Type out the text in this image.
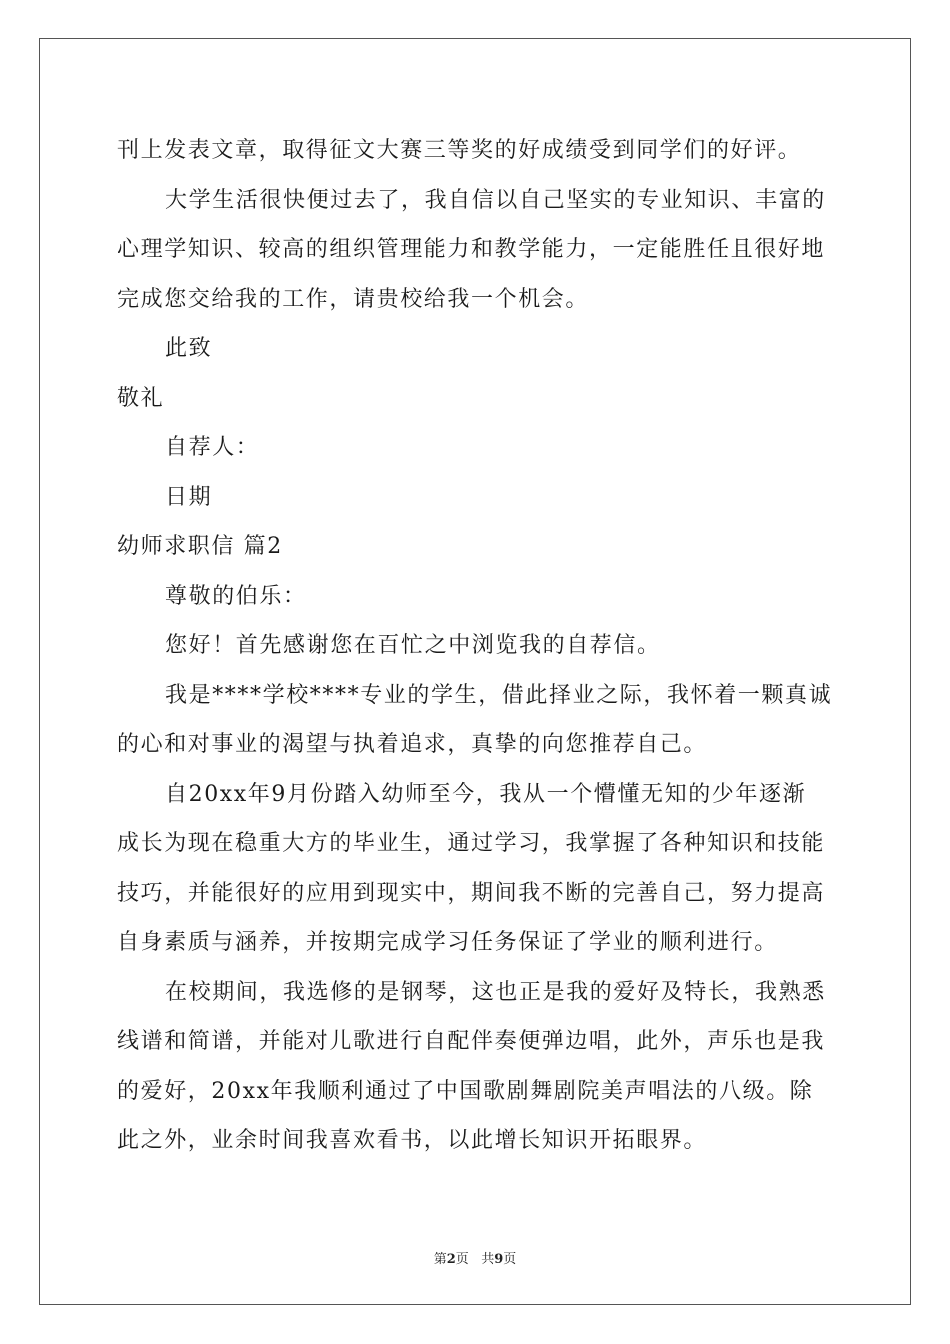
刊上发表文章，取得征文大赛三等奖的好成绩受到同学们的好评。
大学生活很快便过去了，我自信以自己坚实的专业知识、丰富的
心理学知识、较高的组织管理能力和教学能力，一定能胜任且很好地
完成您交给我的工作，请贵校给我一个机会。
此致
敬礼
自荐人：
日期
幼师求职信 篇2
尊敬的伯乐：
您好！首先感谢您在百忙之中浏览我的自荐信。
我是****学校****专业的学生，借此择业之际，我怀着一颗真诚
的心和对事业的渴望与执着追求，真挚的向您推荐自己。
自20xx年9月份踏入幼师至今，我从一个懵懂无知的少年逐渐
成长为现在稳重大方的毕业生，通过学习，我掌握了各种知识和技能
技巧，并能很好的应用到现实中，期间我不断的完善自己，努力提高
自身素质与涵养，并按期完成学习任务保证了学业的顺利进行。
在校期间，我选修的是钢琴，这也正是我的爱好及特长，我熟悉
线谱和简谱，并能对儿歌进行自配伴奏便弹边唱，此外，声乐也是我
的爱好，20xx年我顺利通过了中国歌剧舞剧院美声唱法的八级。除
此之外，业余时间我喜欢看书，以此增长知识开拓眼界。
第2页 共9页
